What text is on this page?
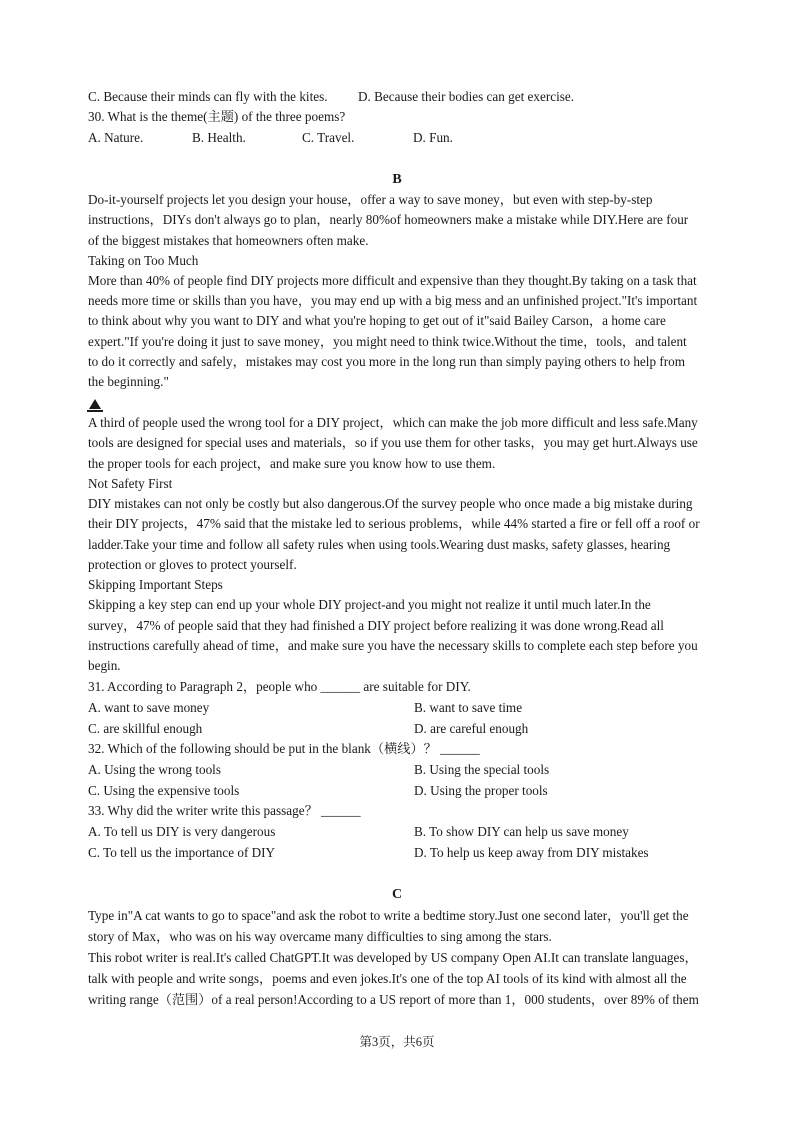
C. Because their minds can fly with the kites. D. Because their bodies can get exercise.
30. What is the theme(主题) of the three poems?
A. Nature.	B. Health.	C. Travel.	D. Fun.
B
Do-it-yourself projects let you design your house，offer a way to save money，but even with step-by-step
instructions，DIYs don't always go to plan，nearly 80%of homeowners make a mistake while DIY.Here are four
of the biggest mistakes that homeowners often make.
Taking on Too Much
More than 40% of people find DIY projects more difficult and expensive than they thought.By taking on a task that
needs more time or skills than you have，you may end up with a big mess and an unfinished project."It's important
to think about why you want to DIY and what you're hoping to get out of it"said Bailey Carson，a home care
expert."If you're doing it just to save money，you might need to think twice.Without the time，tools，and talent
to do it correctly and safely，mistakes may cost you more in the long run than simply paying others to help from
the beginning."
A third of people used the wrong tool for a DIY project，which can make the job more difficult and less safe.Many
tools are designed for special uses and materials，so if you use them for other tasks，you may get hurt.Always use
the proper tools for each project，and make sure you know how to use them.
Not Safety First
DIY mistakes can not only be costly but also dangerous.Of the survey people who once made a big mistake during
their DIY projects，47% said that the mistake led to serious problems，while 44% started a fire or fell off a roof or
ladder.Take your time and follow all safety rules when using tools.Wearing dust masks, safety glasses, hearing
protection or gloves to protect yourself.
Skipping Important Steps
Skipping a key step can end up your whole DIY project-and you might not realize it until much later.In the
survey，47% of people said that they had finished a DIY project before realizing it was done wrong.Read all
instructions carefully ahead of time，and make sure you have the necessary skills to complete each step before you
begin.
31. According to Paragraph 2，people who ______ are suitable for DIY.
A. want to save money	B. want to save time
C. are skillful enough	D. are careful enough
32. Which of the following should be put in the blank（横线）？ ______
A. Using the wrong tools	B. Using the special tools
C. Using the expensive tools	D. Using the proper tools
33. Why did the writer write this passage？ ______
A. To tell us DIY is very dangerous	B. To show DIY can help us save money
C. To tell us the importance of DIY	D. To help us keep away from DIY mistakes
C
Type in"A cat wants to go to space"and ask the robot to write a bedtime story.Just one second later，you'll get the
story of Max，who was on his way overcame many difficulties to sing among the stars.
This robot writer is real.It's called ChatGPT.It was developed by US company Open AI.It can translate languages，
talk with people and write songs，poems and even jokes.It's one of the top AI tools of its kind with almost all the
writing range（范围）of a real person!According to a US report of more than 1，000 students，over 89% of them
第3页，共6页
